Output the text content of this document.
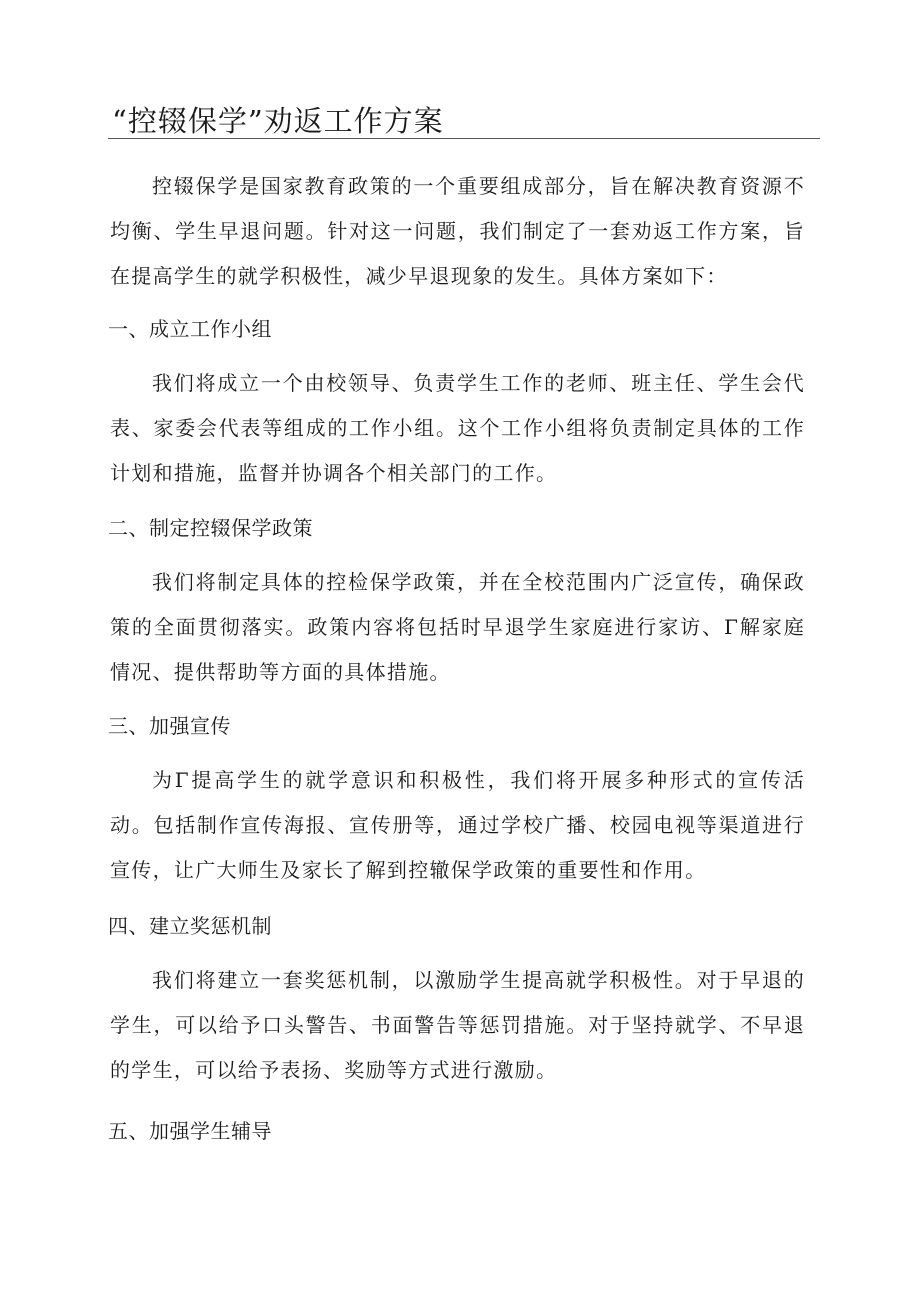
“控辍保学”劝返工作方案

控辍保学是国家教育政策的一个重要组成部分，旨在解决教育资源不均衡、学生早退问题。针对这一问题，我们制定了一套劝返工作方案，旨在提高学生的就学积极性，减少早退现象的发生。具体方案如下：

一、成立工作小组

我们将成立一个由校领导、负责学生工作的老师、班主任、学生会代表、家委会代表等组成的工作小组。这个工作小组将负责制定具体的工作计划和措施，监督并协调各个相关部门的工作。

二、制定控辍保学政策

我们将制定具体的控检保学政策，并在全校范围内广泛宣传，确保政策的全面贯彻落实。政策内容将包括时早退学生家庭进行家访、Γ解家庭 情况、提供帮助等方面的具体措施。

三、加强宣传

为Γ提高学生的就学意识和积极性，我们将开展多种形式的宣传活动。包括制作宣传海报、宣传册等，通过学校广播、校园电视等渠道进行宣传，让广大师生及家长了解到控辙保学政策的重要性和作用。

四、建立奖惩机制

我们将建立一套奖惩机制，以激励学生提高就学积极性。对于早退的学生，可以给予口头警告、书面警告等惩罚措施。对于坚持就学、不早退的学生，可以给予表扬、奖励等方式进行激励。

五、加强学生辅导
